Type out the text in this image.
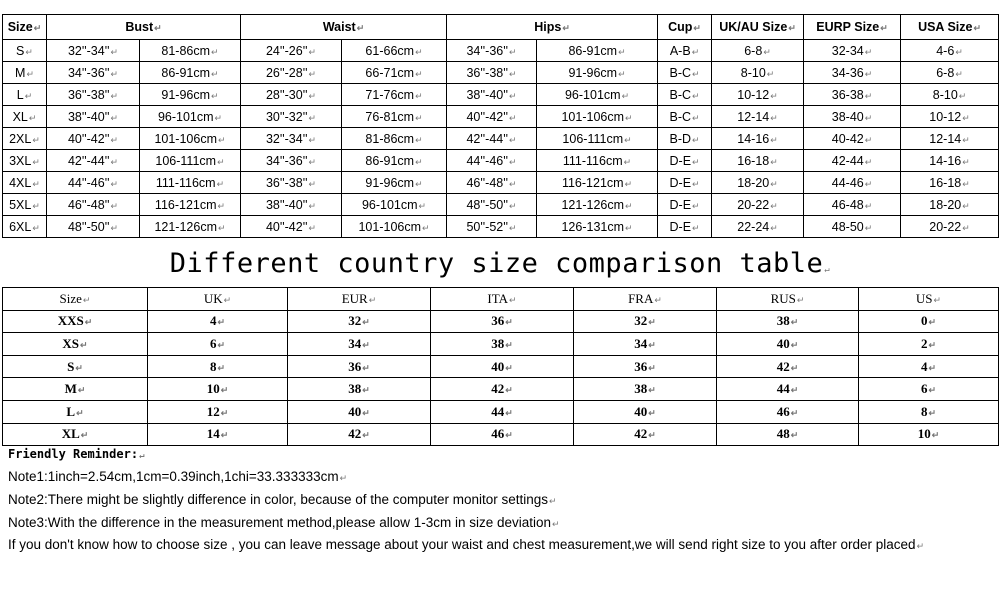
Size↵	Bust↵		Waist↵		Hips↵		Cup↵	UK/AU Size↵	EURP Size↵	USA Size↵
S↵	32''-34''↵	81-86cm↵	24''-26''↵	61-66cm↵	34''-36''↵	86-91cm↵	A-B↵	6-8↵	32-34↵	4-6↵
M↵	34''-36''↵	86-91cm↵	26''-28''↵	66-71cm↵	36''-38''↵	91-96cm↵	B-C↵	8-10↵	34-36↵	6-8↵
L↵	36''-38''↵	91-96cm↵	28''-30''↵	71-76cm↵	38''-40''↵	96-101cm↵	B-C↵	10-12↵	36-38↵	8-10↵
XL↵	38''-40''↵	96-101cm↵	30''-32''↵	76-81cm↵	40''-42''↵	101-106cm↵	B-C↵	12-14↵	38-40↵	10-12↵
2XL↵	40''-42''↵	101-106cm↵	32''-34''↵	81-86cm↵	42''-44''↵	106-111cm↵	B-D↵	14-16↵	40-42↵	12-14↵
3XL↵	42''-44''↵	106-111cm↵	34''-36''↵	86-91cm↵	44''-46''↵	111-116cm↵	D-E↵	16-18↵	42-44↵	14-16↵
4XL↵	44''-46''↵	111-116cm↵	36''-38''↵	91-96cm↵	46''-48''↵	116-121cm↵	D-E↵	18-20↵	44-46↵	16-18↵
5XL↵	46''-48''↵	116-121cm↵	38''-40''↵	96-101cm↵	48''-50''↵	121-126cm↵	D-E↵	20-22↵	46-48↵	18-20↵
6XL↵	48''-50''↵	121-126cm↵	40''-42''↵	101-106cm↵	50''-52''↵	126-131cm↵	D-E↵	22-24↵	48-50↵	20-22↵
Different country size comparison table↵
Size↵	UK↵	EUR↵	ITA↵	FRA↵	RUS↵	US↵
XXS↵	4↵	32↵	36↵	32↵	38↵	0↵
XS↵	6↵	34↵	38↵	34↵	40↵	2↵
S↵	8↵	36↵	40↵	36↵	42↵	4↵
M↵	10↵	38↵	42↵	38↵	44↵	6↵
L↵	12↵	40↵	44↵	40↵	46↵	8↵
XL↵	14↵	42↵	46↵	42↵	48↵	10↵
Friendly Reminder:↵
Note1:1inch=2.54cm,1cm=0.39inch,1chi=33.333333cm↵
Note2:There might be slightly difference in color, because of the computer monitor settings↵
Note3:With the difference in the measurement method,please allow 1-3cm in size deviation↵
If you don't know how to choose size , you can leave message about your waist and chest measurement,we will send right size to you after order placed↵
